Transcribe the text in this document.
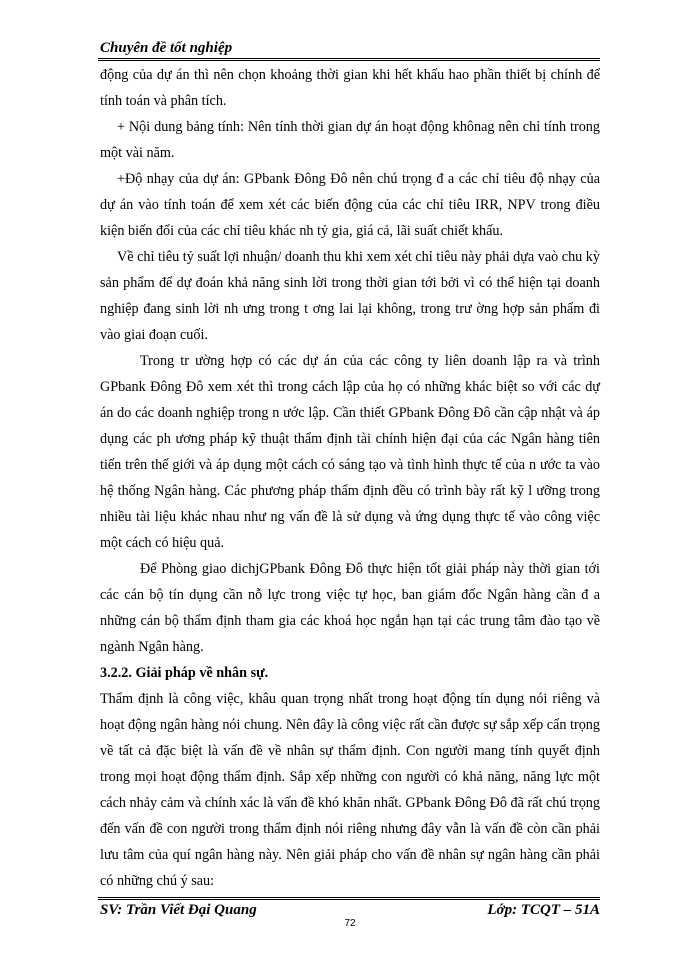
Chuyên đề tốt nghiệp

động của dự án thì nên chọn khoảng thời gian khi hết khấu hao phần thiết bị chính để tính toán và phân tích.

+ Nội dung bảng tính: Nên tính thời gian dự án hoạt động khônag nên chỉ tính trong một vài năm.

+Độ nhạy của dự án: GPbank Đông Đô nên chú trọng đ a các chỉ tiêu độ nhạy của dự án vào tính toán để xem xét các biến động của các chỉ tiêu IRR, NPV trong điều kiện biến đổi của các chỉ tiêu khác nh tỷ gia, giá cả, lãi suất chiết khấu.

Về chỉ tiêu tỷ suất lợi nhuận/ doanh thu khi xem xét chỉ tiêu này phải dựa vaò chu kỳ sản phẩm để dự đoán khả năng sinh lời trong thời gian tới bởi vì có thể hiện tại doanh nghiệp đang sinh lời nh ưng trong t ơng lai lại không, trong trư ờng hợp sản phẩm đi vào giai đoạn cuối.

Trong tr ường hợp có các dự án của các công ty liên doanh lập ra và trình GPbank Đông Đô xem xét thì trong cách lập của họ có những khác biệt so với các dự án do các doanh nghiệp trong n ước lập. Cần thiết GPbank Đông Đô cần cập nhật và áp dụng các ph ương pháp kỹ thuật thẩm định tài chính hiện đại của các Ngân hàng tiên tiến trên thế giới và áp dụng một cách có sáng tạo và tình hình thực tế của n ước ta vào hệ thống Ngân hàng. Các phương pháp thẩm định đều có trình bày rất kỹ l ưỡng trong nhiều tài liệu khác nhau như ng vấn đề là sử dụng và ứng dụng thực tế vào công việc một cách có hiệu quả.

Để Phòng giao dichjGPbank Đông Đô thực hiện tốt giải pháp này thời gian tới các cán bộ tín dụng cần nỗ lực trong việc tự học, ban giám đốc Ngân hàng cần đ a những cán bộ thẩm định tham gia các khoá học ngắn hạn tại các trung tâm đào tạo về ngành Ngân hàng.

3.2.2. Giải pháp về nhân sự.

Thẩm định là công việc, khâu quan trọng nhất trong hoạt động tín dụng nói riêng và hoạt động ngân hàng nói chung. Nên đây là công việc rất cần được sự sắp xếp cẩn trọng về tất cả đặc biệt là vấn đề về nhân sự thẩm định. Con người mang tính quyết định trong mọi hoạt động thẩm định. Sắp xếp những con người có khả năng, năng lực một cách nhảy cảm và chính xác là vấn đề khó khăn nhất. GPbank Đông Đô đã rất chú trọng đến vấn đề con người trong thẩm định nói riêng nhưng đây vẫn là vấn đề còn cần phải lưu tâm của quí ngân hàng này. Nên giải pháp cho vấn đề nhân sự ngân hàng cần phải có những chú ý sau:

SV: Trần Viết Đại Quang	Lớp: TCQT – 51A
72
